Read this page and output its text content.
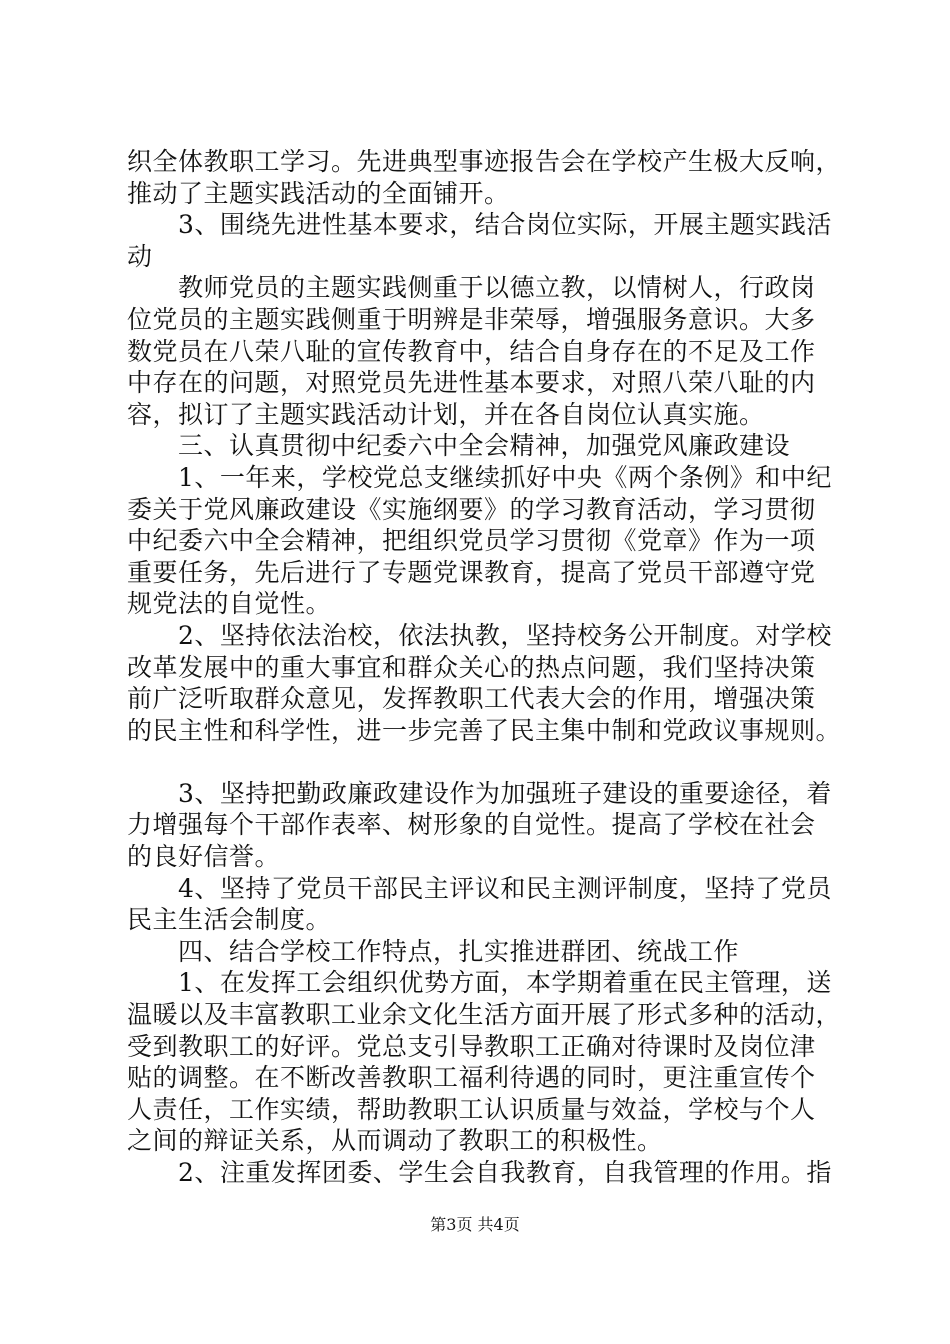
织全体教职工学习。先进典型事迹报告会在学校产生极大反响，
推动了主题实践活动的全面铺开。
　　3、围绕先进性基本要求，结合岗位实际，开展主题实践活
动
　　教师党员的主题实践侧重于以德立教，以情树人，行政岗
位党员的主题实践侧重于明辨是非荣辱，增强服务意识。大多
数党员在八荣八耻的宣传教育中，结合自身存在的不足及工作
中存在的问题，对照党员先进性基本要求，对照八荣八耻的内
容，拟订了主题实践活动计划，并在各自岗位认真实施。
　　三、认真贯彻中纪委六中全会精神，加强党风廉政建设
　　1、一年来，学校党总支继续抓好中央《两个条例》和中纪
委关于党风廉政建设《实施纲要》的学习教育活动，学习贯彻
中纪委六中全会精神，把组织党员学习贯彻《党章》作为一项
重要任务，先后进行了专题党课教育，提高了党员干部遵守党
规党法的自觉性。
　　2、坚持依法治校，依法执教，坚持校务公开制度。对学校
改革发展中的重大事宜和群众关心的热点问题，我们坚持决策
前广泛听取群众意见，发挥教职工代表大会的作用，增强决策
的民主性和科学性，进一步完善了民主集中制和党政议事规则。
　　3、坚持把勤政廉政建设作为加强班子建设的重要途径，着
力增强每个干部作表率、树形象的自觉性。提高了学校在社会
的良好信誉。
　　4、坚持了党员干部民主评议和民主测评制度，坚持了党员
民主生活会制度。
　　四、结合学校工作特点，扎实推进群团、统战工作
　　1、在发挥工会组织优势方面，本学期着重在民主管理，送
温暖以及丰富教职工业余文化生活方面开展了形式多种的活动，
受到教职工的好评。党总支引导教职工正确对待课时及岗位津
贴的调整。在不断改善教职工福利待遇的同时，更注重宣传个
人责任，工作实绩，帮助教职工认识质量与效益，学校与个人
之间的辩证关系，从而调动了教职工的积极性。
　　2、注重发挥团委、学生会自我教育，自我管理的作用。指
第3页 共4页
